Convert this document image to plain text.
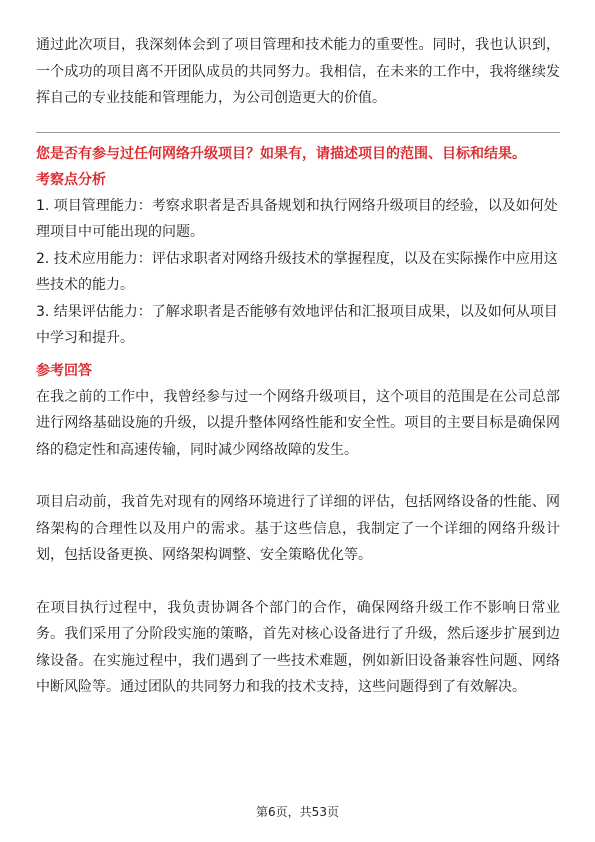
通过此次项目，我深刻体会到了项目管理和技术能力的重要性。同时，我也认识到，一个成功的项目离不开团队成员的共同努力。我相信，在未来的工作中，我将继续发挥自己的专业技能和管理能力，为公司创造更大的价值。

您是否有参与过任何网络升级项目？如果有，请描述项目的范围、目标和结果。

考察点分析

1. 项目管理能力：考察求职者是否具备规划和执行网络升级项目的经验，以及如何处理项目中可能出现的问题。
2. 技术应用能力：评估求职者对网络升级技术的掌握程度，以及在实际操作中应用这些技术的能力。
3. 结果评估能力：了解求职者是否能够有效地评估和汇报项目成果，以及如何从项目中学习和提升。

参考回答

在我之前的工作中，我曾经参与过一个网络升级项目，这个项目的范围是在公司总部进行网络基础设施的升级，以提升整体网络性能和安全性。项目的主要目标是确保网络的稳定性和高速传输，同时减少网络故障的发生。

项目启动前，我首先对现有的网络环境进行了详细的评估，包括网络设备的性能、网络架构的合理性以及用户的需求。基于这些信息，我制定了一个详细的网络升级计划，包括设备更换、网络架构调整、安全策略优化等。

在项目执行过程中，我负责协调各个部门的合作，确保网络升级工作不影响日常业务。我们采用了分阶段实施的策略，首先对核心设备进行了升级，然后逐步扩展到边缘设备。在实施过程中，我们遇到了一些技术难题，例如新旧设备兼容性问题、网络中断风险等。通过团队的共同努力和我的技术支持，这些问题得到了有效解决。

第6页，共53页
